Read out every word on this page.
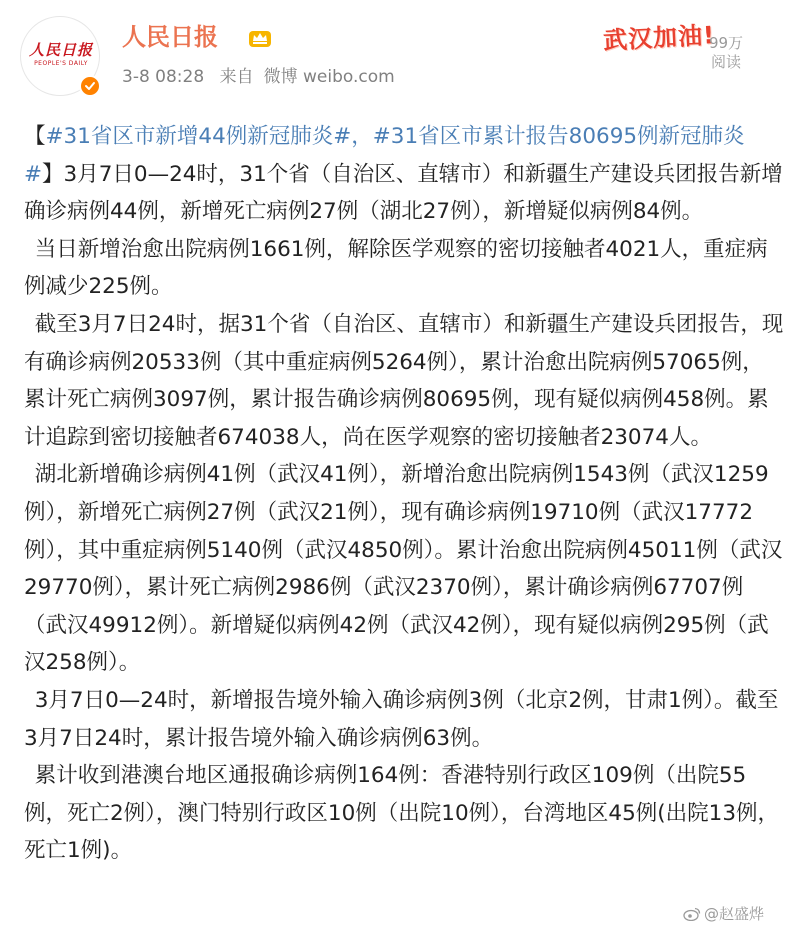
人民日报
PEOPLE'S DAILY
人民日报
3-8 08:28 来自 微博 weibo.com
武汉加油!
99万
阅读

【#31省区市新增44例新冠肺炎#，#31省区市累计报告80695例新冠肺炎#】3月7日0—24时，31个省（自治区、直辖市）和新疆生产建设兵团报告新增确诊病例44例，新增死亡病例27例（湖北27例），新增疑似病例84例。

当日新增治愈出院病例1661例，解除医学观察的密切接触者4021人，重症病例减少225例。

截至3月7日24时，据31个省（自治区、直辖市）和新疆生产建设兵团报告，现有确诊病例20533例（其中重症病例5264例），累计治愈出院病例57065例，累计死亡病例3097例，累计报告确诊病例80695例，现有疑似病例458例。累计追踪到密切接触者674038人，尚在医学观察的密切接触者23074人。

湖北新增确诊病例41例（武汉41例），新增治愈出院病例1543例（武汉1259例），新增死亡病例27例（武汉21例），现有确诊病例19710例（武汉17772例），其中重症病例5140例（武汉4850例）。累计治愈出院病例45011例（武汉29770例），累计死亡病例2986例（武汉2370例），累计确诊病例67707例（武汉49912例）。新增疑似病例42例（武汉42例），现有疑似病例295例（武汉258例）。

3月7日0—24时，新增报告境外输入确诊病例3例（北京2例，甘肃1例）。截至3月7日24时，累计报告境外输入确诊病例63例。

累计收到港澳台地区通报确诊病例164例：香港特别行政区109例（出院55例，死亡2例），澳门特别行政区10例（出院10例），台湾地区45例(出院13例，死亡1例)。

@赵盛烨
